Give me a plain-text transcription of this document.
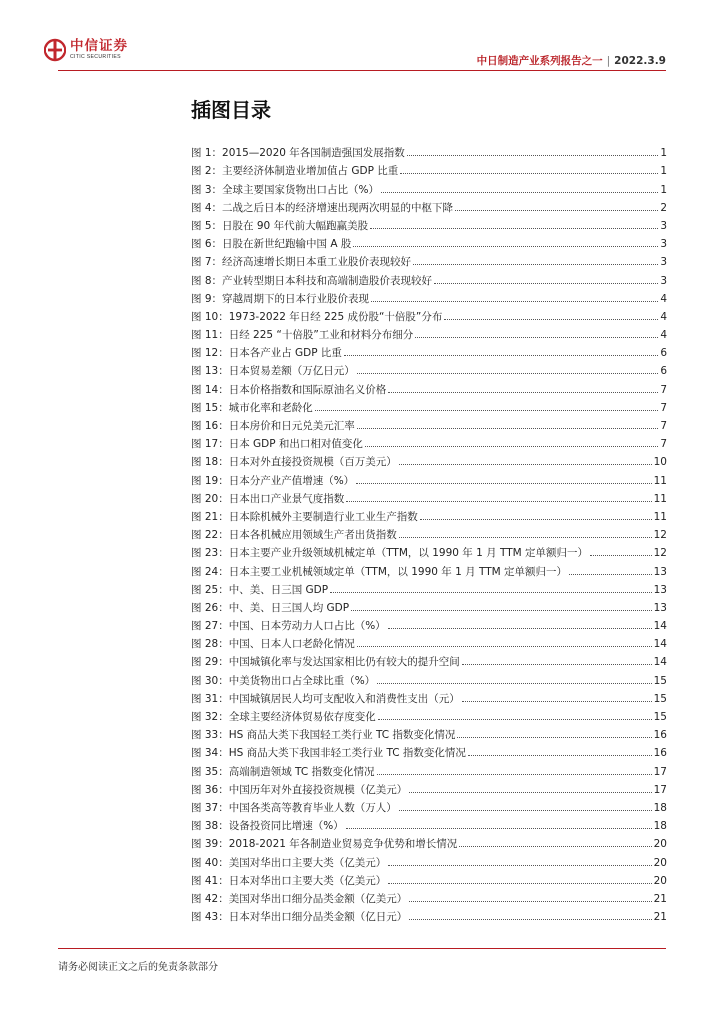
中信证券
CITIC SECURITIES	中日制造产业系列报告之一 | 2022.3.9
插图目录
图 1： 2015—2020 年各国制造强国发展指数	1
图 2： 主要经济体制造业增加值占 GDP 比重	1
图 3： 全球主要国家货物出口占比（%）	1
图 4： 二战之后日本的经济增速出现两次明显的中枢下降	2
图 5： 日股在 90 年代前大幅跑赢美股	3
图 6： 日股在新世纪跑输中国 A 股	3
图 7： 经济高速增长期日本重工业股价表现较好	3
图 8： 产业转型期日本科技和高端制造股价表现较好	3
图 9： 穿越周期下的日本行业股价表现	4
图 10： 1973-2022 年日经 225 成份股“十倍股”分布	4
图 11： 日经 225 “十倍股”工业和材料分布细分	4
图 12： 日本各产业占 GDP 比重	6
图 13： 日本贸易差额（万亿日元）	6
图 14： 日本价格指数和国际原油名义价格	7
图 15： 城市化率和老龄化	7
图 16： 日本房价和日元兑美元汇率	7
图 17： 日本 GDP 和出口相对值变化	7
图 18： 日本对外直接投资规模（百万美元）	10
图 19： 日本分产业产值增速（%）	11
图 20： 日本出口产业景气度指数	11
图 21： 日本除机械外主要制造行业工业生产指数	11
图 22： 日本各机械应用领域生产者出货指数	12
图 23： 日本主要产业升级领域机械定单（TTM，以 1990 年 1 月 TTM 定单额归一）	12
图 24： 日本主要工业机械领域定单（TTM，以 1990 年 1 月 TTM 定单额归一）	13
图 25： 中、美、日三国 GDP	13
图 26： 中、美、日三国人均 GDP	13
图 27： 中国、日本劳动力人口占比（%）	14
图 28： 中国、日本人口老龄化情况	14
图 29： 中国城镇化率与发达国家相比仍有较大的提升空间	14
图 30： 中美货物出口占全球比重（%）	15
图 31： 中国城镇居民人均可支配收入和消费性支出（元）	15
图 32： 全球主要经济体贸易依存度变化	15
图 33： HS 商品大类下我国轻工类行业 TC 指数变化情况	16
图 34： HS 商品大类下我国非轻工类行业 TC 指数变化情况	16
图 35： 高端制造领域 TC 指数变化情况	17
图 36： 中国历年对外直接投资规模（亿美元）	17
图 37： 中国各类高等教育毕业人数（万人）	18
图 38： 设备投资同比增速（%）	18
图 39： 2018-2021 年各制造业贸易竞争优势和增长情况	20
图 40： 美国对华出口主要大类（亿美元）	20
图 41： 日本对华出口主要大类（亿美元）	20
图 42： 美国对华出口细分品类金额（亿美元）	21
图 43： 日本对华出口细分品类金额（亿日元）	21
请务必阅读正文之后的免责条款部分
